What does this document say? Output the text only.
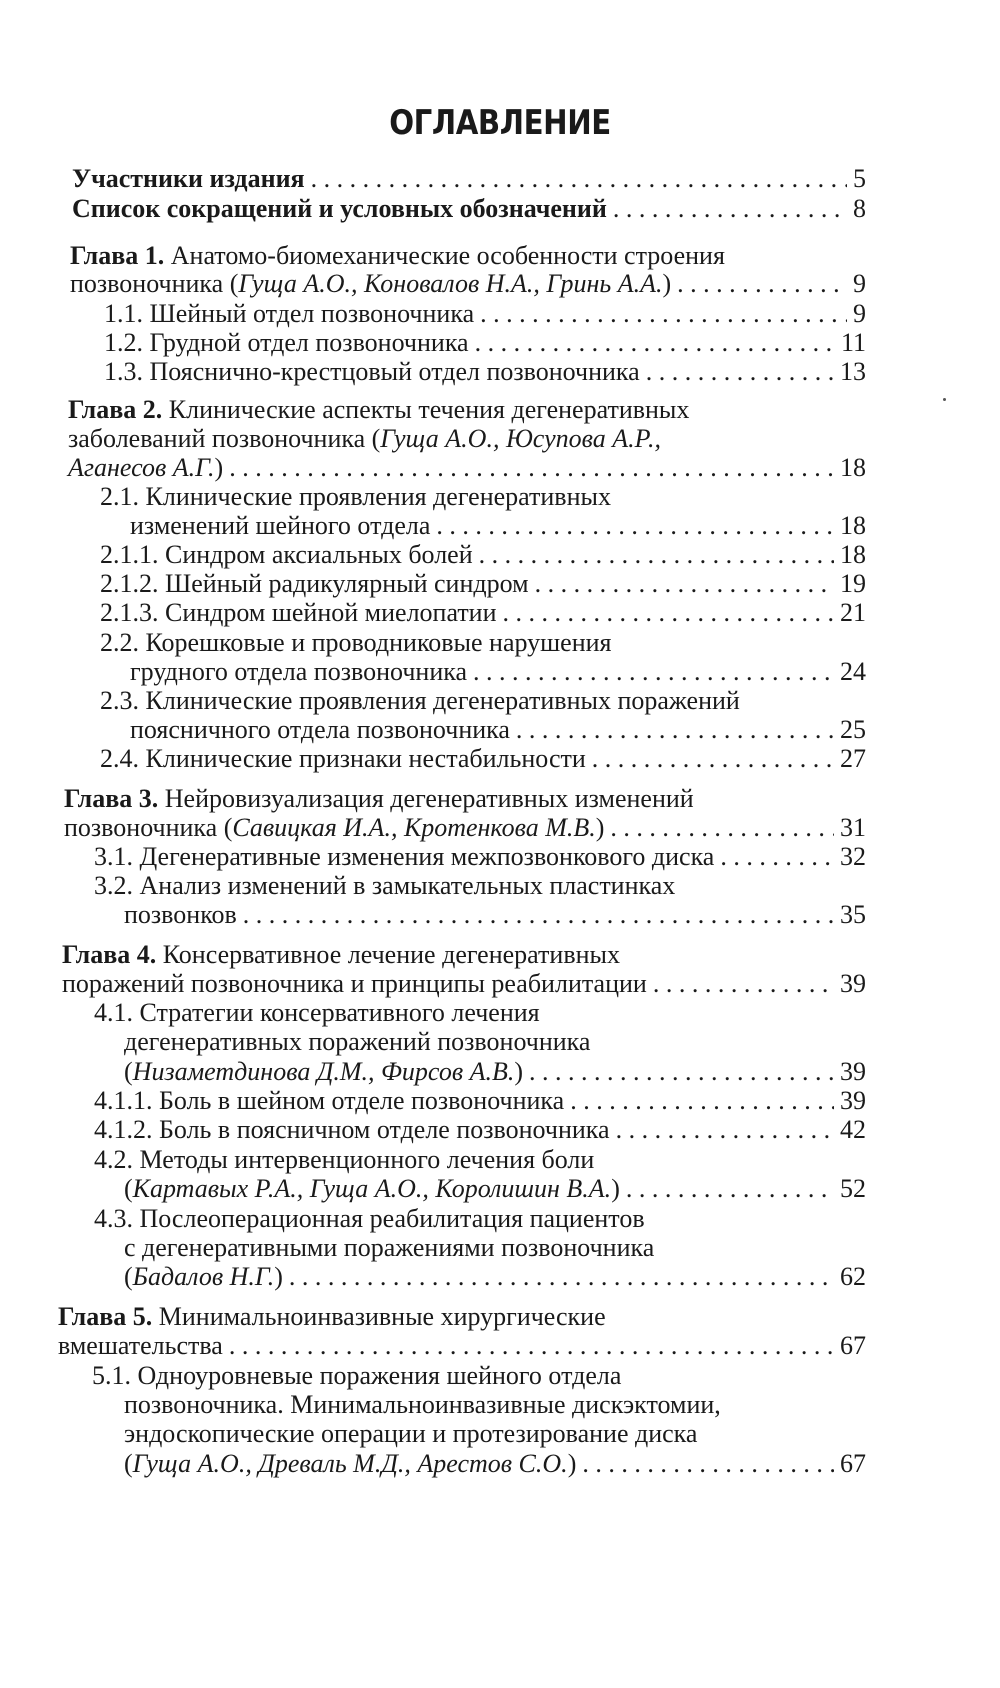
ОГЛАВЛЕНИЕ
Участники издания . . .	5
Список сокращений и условных обозначений . . .	8
Глава 1. Анатомо-биомеханические особенности строения
позвоночника (Гуща А.О., Коновалов Н.А., Гринь А.А.) . . .	9
1.1. Шейный отдел позвоночника . . .	9
1.2. Грудной отдел позвоночника . . .	11
1.3. Пояснично-крестцовый отдел позвоночника . . .	13
Глава 2. Клинические аспекты течения дегенеративных
заболеваний позвоночника (Гуща А.О., Юсупова А.Р.,
Аганесов А.Г.) . . .	18
2.1. Клинические проявления дегенеративных
изменений шейного отдела . . .	18
2.1.1. Синдром аксиальных болей . . .	18
2.1.2. Шейный радикулярный синдром . . .	19
2.1.3. Синдром шейной миелопатии . . .	21
2.2. Корешковые и проводниковые нарушения
грудного отдела позвоночника . . .	24
2.3. Клинические проявления дегенеративных поражений
поясничного отдела позвоночника . . .	25
2.4. Клинические признаки нестабильности . . .	27
Глава 3. Нейровизуализация дегенеративных изменений
позвоночника (Савицкая И.А., Кротенкова М.В.) . . .	31
3.1. Дегенеративные изменения межпозвонкового диска . . .	32
3.2. Анализ изменений в замыкательных пластинках
позвонков . . .	35
Глава 4. Консервативное лечение дегенеративных
поражений позвоночника и принципы реабилитации . . .	39
4.1. Стратегии консервативного лечения
дегенеративных поражений позвоночника
(Низаметдинова Д.М., Фирсов А.В.) . . .	39
4.1.1. Боль в шейном отделе позвоночника . . .	39
4.1.2. Боль в поясничном отделе позвоночника . . .	42
4.2. Методы интервенционного лечения боли
(Картавых Р.А., Гуща А.О., Королишин В.А.) . . .	52
4.3. Послеоперационная реабилитация пациентов
с дегенеративными поражениями позвоночника
(Бадалов Н.Г.) . . .	62
Глава 5. Минимальноинвазивные хирургические
вмешательства . . .	67
5.1. Одноуровневые поражения шейного отдела
позвоночника. Минимальноинвазивные дискэктомии,
эндоскопические операции и протезирование диска
(Гуща А.О., Древаль М.Д., Арестов С.О.) . . .	67
